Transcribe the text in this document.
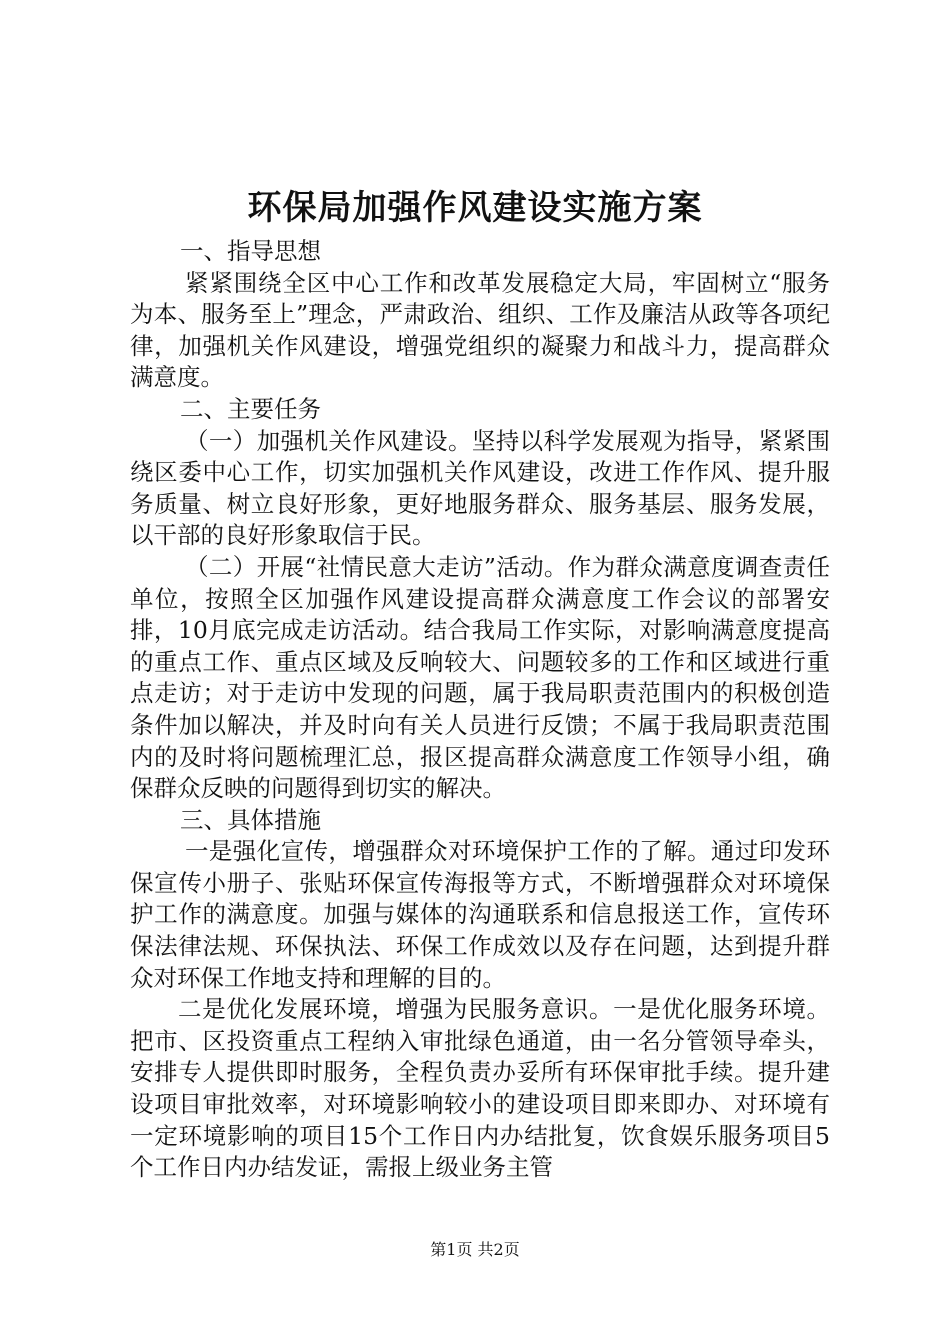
环保局加强作风建设实施方案

一、指导思想

紧紧围绕全区中心工作和改革发展稳定大局，牢固树立“服务为本、服务至上”理念，严肃政治、组织、工作及廉洁从政等各项纪律，加强机关作风建设，增强党组织的凝聚力和战斗力，提高群众满意度。

二、主要任务

（一）加强机关作风建设。坚持以科学发展观为指导，紧紧围绕区委中心工作，切实加强机关作风建设，改进工作作风、提升服务质量、树立良好形象，更好地服务群众、服务基层、服务发展，以干部的良好形象取信于民。

（二）开展“社情民意大走访”活动。作为群众满意度调查责任单位，按照全区加强作风建设提高群众满意度工作会议的部署安排，10月底完成走访活动。结合我局工作实际，对影响满意度提高的重点工作、重点区域及反响较大、问题较多的工作和区域进行重点走访；对于走访中发现的问题，属于我局职责范围内的积极创造条件加以解决，并及时向有关人员进行反馈；不属于我局职责范围内的及时将问题梳理汇总，报区提高群众满意度工作领导小组，确保群众反映的问题得到切实的解决。

三、具体措施

一是强化宣传，增强群众对环境保护工作的了解。通过印发环保宣传小册子、张贴环保宣传海报等方式，不断增强群众对环境保护工作的满意度。加强与媒体的沟通联系和信息报送工作，宣传环保法律法规、环保执法、环保工作成效以及存在问题，达到提升群众对环保工作地支持和理解的目的。

二是优化发展环境，增强为民服务意识。一是优化服务环境。把市、区投资重点工程纳入审批绿色通道，由一名分管领导牵头，安排专人提供即时服务，全程负责办妥所有环保审批手续。提升建设项目审批效率，对环境影响较小的建设项目即来即办、对环境有一定环境影响的项目15个工作日内办结批复，饮食娱乐服务项目5个工作日内办结发证，需报上级业务主管

第1页 共2页
